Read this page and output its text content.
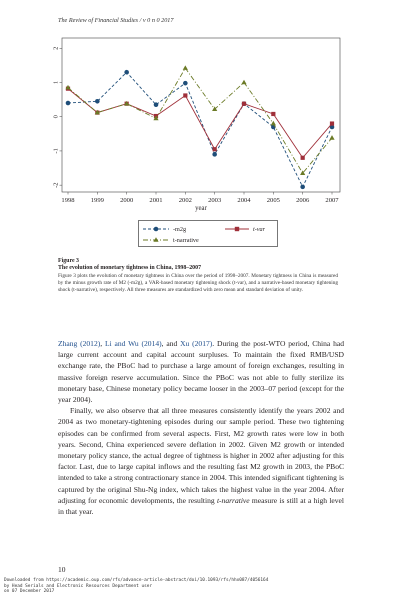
The Review of Financial Studies / v 0 n 0 2017
1998 1999 2000 2001 2002 2003 2004 2005 2006 2007
2
1
0
-1
-2
year
-m2g	t-var
t-narrative
Figure 3
The evolution of monetary tightness in China, 1998–2007
Figure 3 plots the evolution of monetary tightness in China over the period of 1998–2007. Monetary tightness in China is measured by the minus growth rate of M2 (-m2g), a VAR-based monetary tightening shock (t-var), and a narrative-based monetary tightening shock (t-narrative), respectively. All three measures are standardized with zero mean and standard deviation of unity.

Zhang (2012), Li and Wu (2014), and Xu (2017). During the post-WTO period, China had large current account and capital account surpluses. To maintain the fixed RMB/USD exchange rate, the PBoC had to purchase a large amount of foreign exchanges, resulting in massive foreign reserve accumulation. Since the PBoC was not able to fully sterilize its monetary base, Chinese monetary policy became looser in the 2003–07 period (except for the year 2004).

Finally, we also observe that all three measures consistently identify the years 2002 and 2004 as two monetary-tightening episodes during our sample period. These two tightening episodes can be confirmed from several aspects. First, M2 growth rates were low in both years. Second, China experienced severe deflation in 2002. Given M2 growth or intended monetary policy stance, the actual degree of tightness is higher in 2002 after adjusting for this factor. Last, due to large capital inflows and the resulting fast M2 growth in 2003, the PBoC intended to take a strong contractionary stance in 2004. This intended significant tightening is captured by the original Shu-Ng index, which takes the highest value in the year 2004. After adjusting for economic developments, the resulting t-narrative measure is still at a high level in that year.

10
Downloaded from https://academic.oup.com/rfs/advance-article-abstract/doi/10.1093/rfs/hhx087/4056164
by Head Serials and Electronic Resources Department user
on 07 December 2017
